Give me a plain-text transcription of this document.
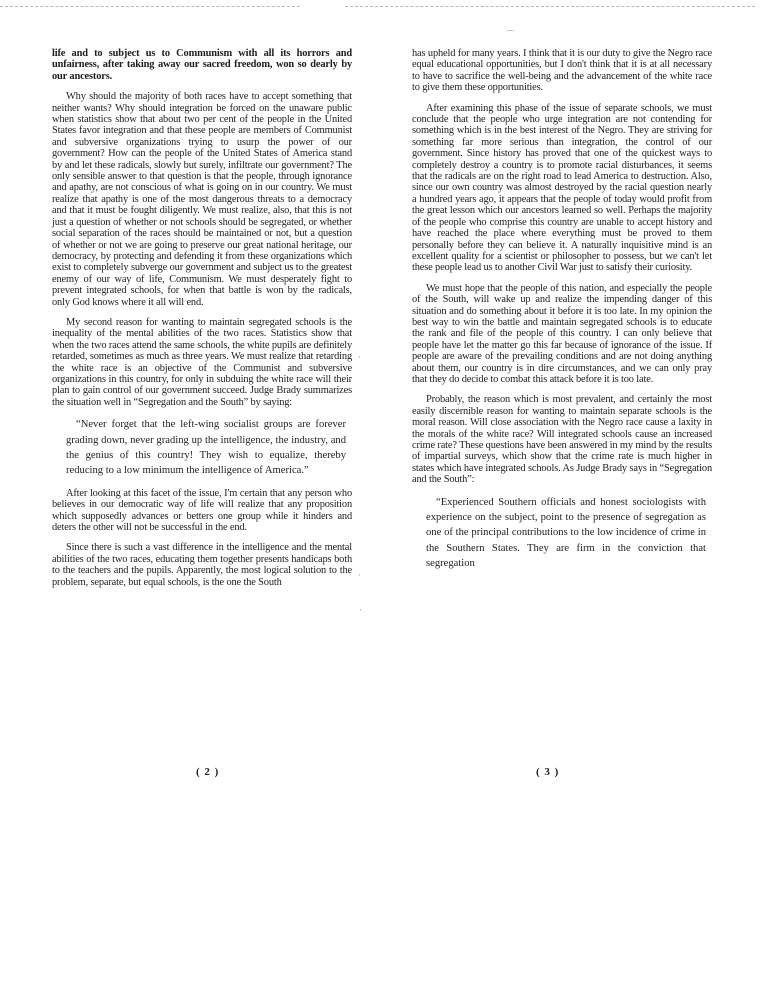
⌒
·
·
·

life and to subject us to Communism with all its horrors and unfairness, after taking away our sacred freedom, won so dearly by our ancestors.

Why should the majority of both races have to accept something that neither wants? Why should integration be forced on the unaware public when statistics show that about two per cent of the people in the United States favor integration and that these people are members of Communist and subversive organizations trying to usurp the power of our government? How can the people of the United States of America stand by and let these radicals, slowly but surely, infiltrate our government? The only sensible answer to that question is that the people, through ignorance and apathy, are not conscious of what is going on in our country. We must realize that apathy is one of the most dangerous threats to a democracy and that it must be fought diligently. We must realize, also, that this is not just a question of whether or not schools should be segregated, or whether social separation of the races should be maintained or not, but a question of whether or not we are going to preserve our great national heritage, our democracy, by protecting and defending it from these organizations which exist to completely subverge our government and subject us to the greatest enemy of our way of life, Communism. We must desperately fight to prevent integrated schools, for when that battle is won by the radicals, only God knows where it all will end.

My second reason for wanting to maintain segregated schools is the inequality of the mental abilities of the two races. Statistics show that when the two races attend the same schools, the white pupils are definitely retarded, sometimes as much as three years. We must realize that retarding the white race is an objective of the Communist and subversive organizations in this country, for only in subduing the white race will their plan to gain control of our government succeed. Judge Brady summarizes the situation well in “Segregation and the South” by saying:

“Never forget that the left-wing socialist groups are forever grading down, never grading up the intelligence, the industry, and the genius of this country! They wish to equalize, thereby reducing to a low minimum the intelligence of America.”

After looking at this facet of the issue, I'm certain that any person who believes in our democratic way of life will realize that any proposition which supposedly advances or betters one group while it hinders and deters the other will not be successful in the end.

Since there is such a vast difference in the intelligence and the mental abilities of the two races, educating them together presents handicaps both to the teachers and the pupils. Apparently, the most logical solution to the problem, separate, but equal schools, is the one the South

( 2 )

has upheld for many years. I think that it is our duty to give the Negro race equal educational opportunities, but I don't think that it is at all necessary to have to sacrifice the well-being and the advancement of the white race to give them these opportunities.

After examining this phase of the issue of separate schools, we must conclude that the people who urge integration are not contending for something which is in the best interest of the Negro. They are striving for something far more serious than integration, the control of our government. Since history has proved that one of the quickest ways to completely destroy a country is to promote racial disturbances, it seems that the radicals are on the right road to lead America to destruction. Also, since our own country was almost destroyed by the racial question nearly a hundred years ago, it appears that the people of today would profit from the great lesson which our ancestors learned so well. Perhaps the majority of the people who comprise this country are unable to accept history and have reached the place where everything must be proved to them personally before they can believe it. A naturally inquisitive mind is an excellent quality for a scientist or philosopher to possess, but we can't let these people lead us to another Civil War just to satisfy their curiosity.

We must hope that the people of this nation, and especially the people of the South, will wake up and realize the impending danger of this situation and do something about it before it is too late. In my opinion the best way to win the battle and maintain segregated schools is to educate the rank and file of the people of this country. I can only believe that people have let the matter go this far because of ignorance of the issue. If people are aware of the prevailing conditions and are not doing anything about them, our country is in dire circumstances, and we can only pray that they do decide to combat this attack before it is too late.

Probably, the reason which is most prevalent, and certainly the most easily discernible reason for wanting to maintain separate schools is the moral reason. Will close association with the Negro race cause a laxity in the morals of the white race? Will integrated schools cause an increased crime rate? These questions have been answered in my mind by the results of impartial surveys, which show that the crime rate is much higher in states which have integrated schools. As Judge Brady says in “Segregation and the South”:

“Experienced Southern officials and honest sociologists with experience on the subject, point to the presence of segregation as one of the principal contributions to the low incidence of crime in the Southern States. They are firm in the conviction that segregation

( 3 )
